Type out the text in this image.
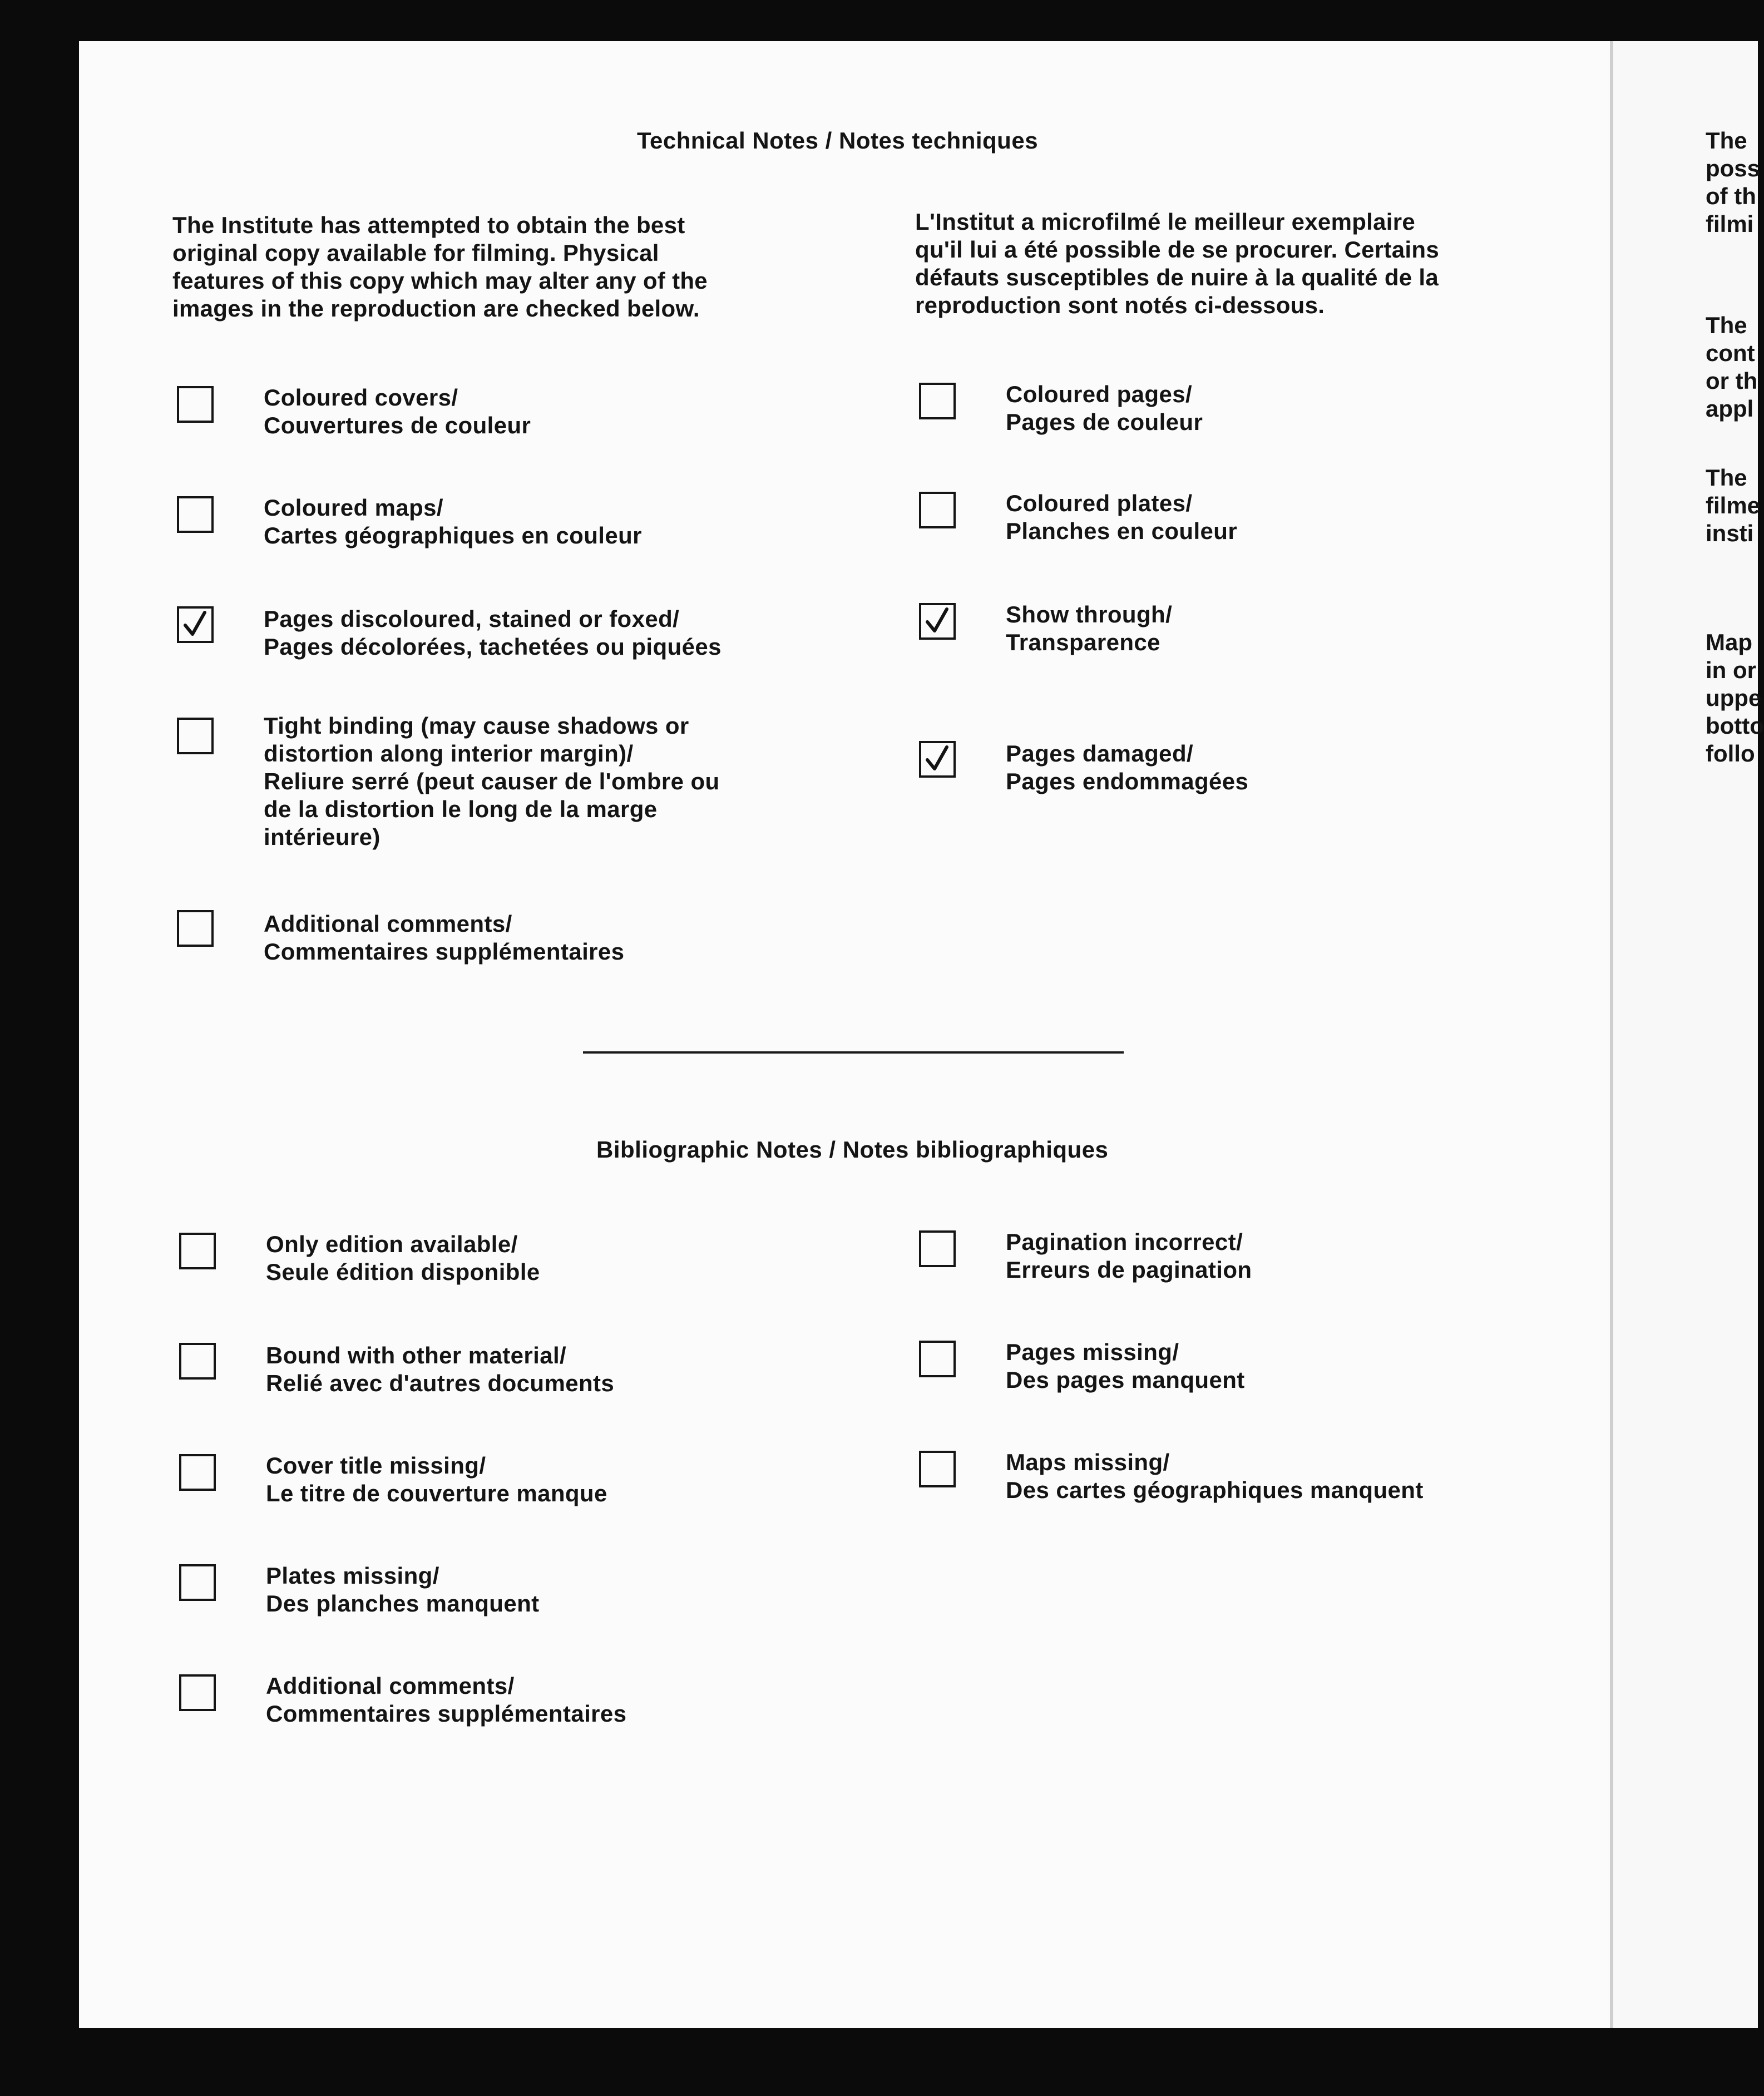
Technical Notes / Notes techniques
The Institute has attempted to obtain the best
original copy available for filming. Physical
features of this copy which may alter any of the
images in the reproduction are checked below.
L'Institut a microfilmé le meilleur exemplaire
qu'il lui a été possible de se procurer. Certains
défauts susceptibles de nuire à la qualité de la
reproduction sont notés ci-dessous.
Coloured covers/
Couvertures de couleur
Coloured maps/
Cartes géographiques en couleur
Pages discoloured, stained or foxed/
Pages décolorées, tachetées ou piquées
Tight binding (may cause shadows or
distortion along interior margin)/
Reliure serré (peut causer de l'ombre ou
de la distortion le long de la marge
intérieure)
Additional comments/
Commentaires supplémentaires
Coloured pages/
Pages de couleur
Coloured plates/
Planches en couleur
Show through/
Transparence
Pages damaged/
Pages endommagées
Bibliographic Notes / Notes bibliographiques
Only edition available/
Seule édition disponible
Bound with other material/
Relié avec d'autres documents
Cover title missing/
Le titre de couverture manque
Plates missing/
Des planches manquent
Additional comments/
Commentaires supplémentaires
Pagination incorrect/
Erreurs de pagination
Pages missing/
Des pages manquent
Maps missing/
Des cartes géographiques manquent
The
poss
of th
filmi
The
cont
or th
appl
The
filme
insti
Map
in or
uppe
botto
follo
